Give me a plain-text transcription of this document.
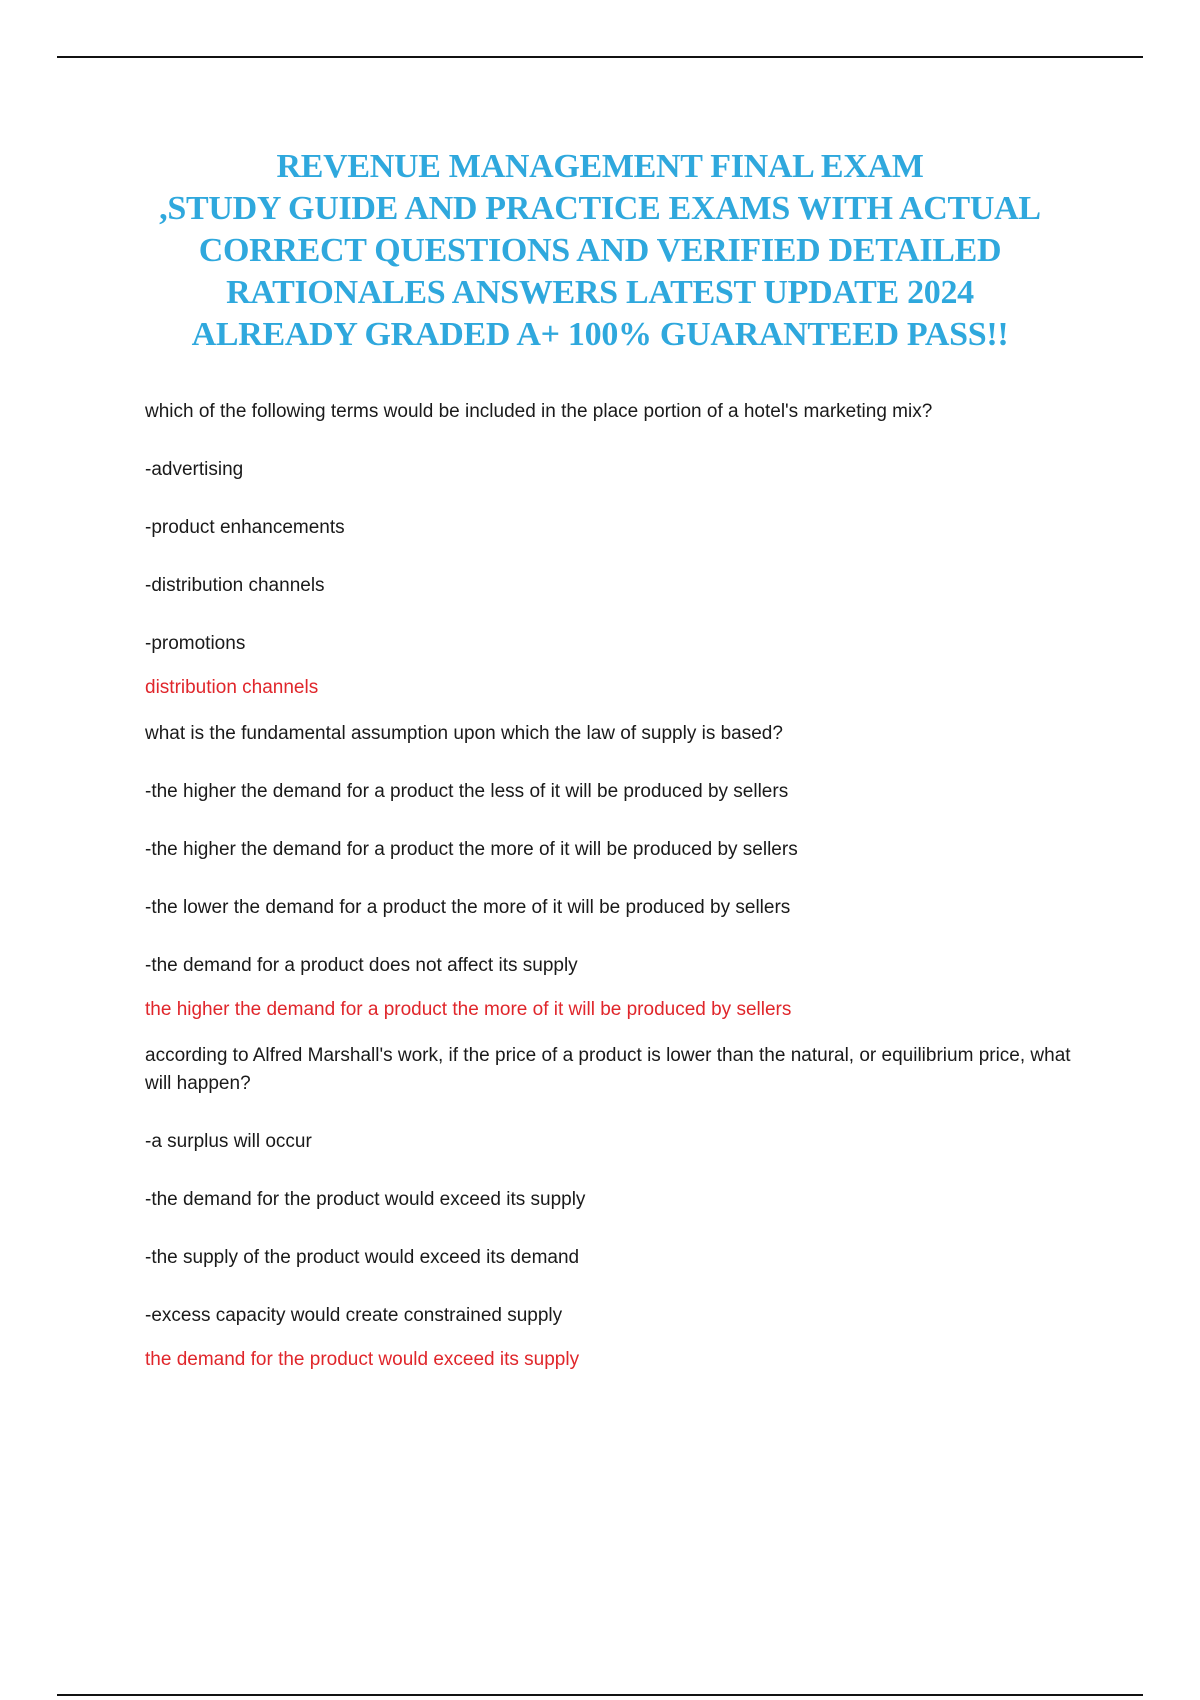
REVENUE MANAGEMENT FINAL EXAM
,STUDY GUIDE AND PRACTICE EXAMS WITH ACTUAL
CORRECT QUESTIONS AND VERIFIED DETAILED
RATIONALES ANSWERS LATEST UPDATE 2024
ALREADY GRADED A+ 100% GUARANTEED PASS!!

which of the following terms would be included in the place portion of a hotel's marketing mix?

-advertising

-product enhancements

-distribution channels

-promotions

distribution channels

what is the fundamental assumption upon which the law of supply is based?

-the higher the demand for a product the less of it will be produced by sellers

-the higher the demand for a product the more of it will be produced by sellers

-the lower the demand for a product the more of it will be produced by sellers

-the demand for a product does not affect its supply

the higher the demand for a product the more of it will be produced by sellers

according to Alfred Marshall's work, if the price of a product is lower than the natural, or equilibrium price, what will happen?

-a surplus will occur

-the demand for the product would exceed its supply

-the supply of the product would exceed its demand

-excess capacity would create constrained supply

the demand for the product would exceed its supply
